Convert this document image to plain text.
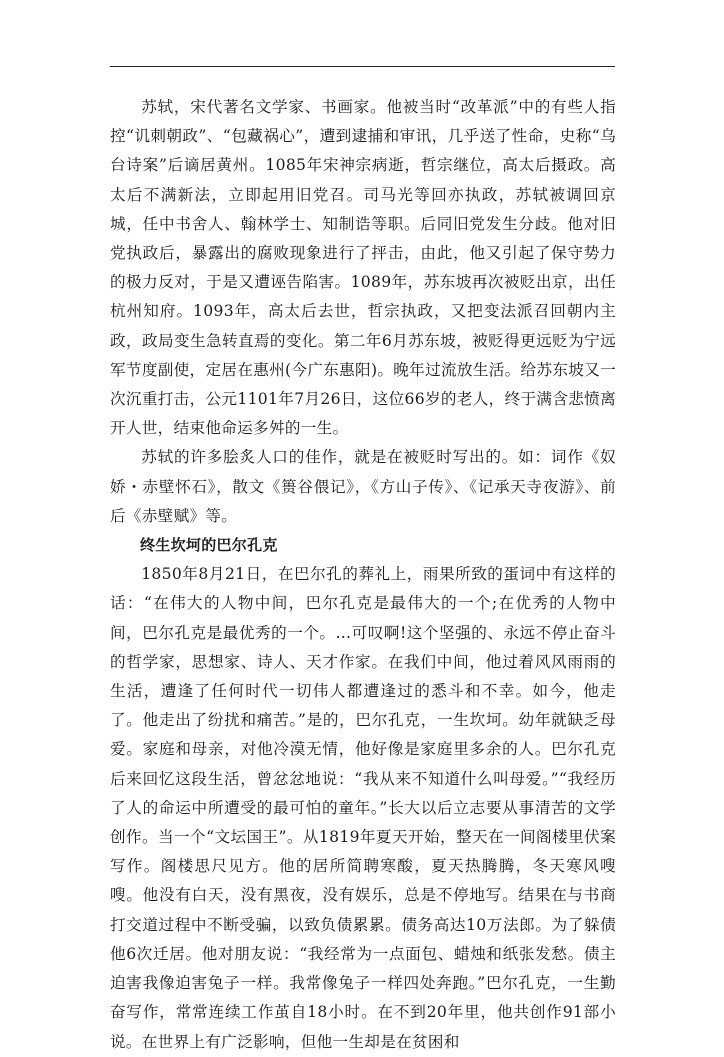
苏轼，宋代著名文学家、书画家。他被当时“改革派”中的有些人指控“讥刺朝政”、“包藏祸心”，遭到逮捕和审讯，几乎送了性命，史称“乌台诗案”后谪居黄州。1085年宋神宗病逝，哲宗继位，高太后摄政。高太后不满新法，立即起用旧党召。司马光等回亦执政，苏轼被调回京城，任中书舍人、翰林学士、知制诰等职。后同旧党发生分歧。他对旧党执政后，暴露出的腐败现象进行了抨击，由此，他又引起了保守势力的极力反对，于是又遭诬告陷害。1089年，苏东坡再次被贬出京，出任杭州知府。1093年，高太后去世，哲宗执政，又把变法派召回朝内主政，政局变生急转直焉的变化。第二年6月苏东坡，被贬得更远贬为宁远军节度副使，定居在惠州(今广东惠阳)。晚年过流放生活。给苏东坡又一次沉重打击，公元1101年7月26日，这位66岁的老人，终于满含悲愤离开人世，结束他命运多舛的一生。

苏轼的许多脍炙人口的佳作，就是在被贬时写出的。如：词作《奴娇・赤壁怀石》，散文《篑谷偎记》，《方山子传》、《记承天寺夜游》、前后《赤壁赋》等。

终生坎坷的巴尔孔克

1850年8月21日，在巴尔孔的葬礼上，雨果所致的蛋词中有这样的话：“在伟大的人物中间，巴尔孔克是最伟大的一个;在优秀的人物中间，巴尔孔克是最优秀的一个。…可叹啊!这个坚强的、永远不停止奋斗的哲学家，思想家、诗人、天才作家。在我们中间，他过着风风雨雨的生活，遭逢了任何时代一切伟人都遭逢过的悉斗和不幸。如今，他走了。他走出了纷扰和痛苦。”是的，巴尔孔克，一生坎坷。幼年就缺乏母爱。家庭和母亲，对他冷漠无情，他好像是家庭里多余的人。巴尔孔克后来回忆这段生活，曾忿忿地说：“我从来不知道什么叫母爱。”“我经历了人的命运中所遭受的最可怕的童年。”长大以后立志要从事清苦的文学创作。当一个“文坛国王”。从1819年夏天开始，整天在一间阁楼里伏案写作。阁楼思尺见方。他的居所简聘寒酸，夏天热腾腾，冬天寒风嗖嗖。他没有白天，没有黑夜，没有娱乐，总是不停地写。结果在与书商打交道过程中不断受骗，以致负债累累。债务高达10万法郎。为了躲债他6次迁居。他对朋友说：“我经常为一点面包、蜡烛和纸张发愁。债主迫害我像迫害兔子一样。我常像兔子一样四处奔跑。”巴尔孔克，一生勤奋写作，常常连续工作茧自18小时。在不到20年里，他共创作91部小说。在世界上有广泛影响，但他一生却是在贫困和
